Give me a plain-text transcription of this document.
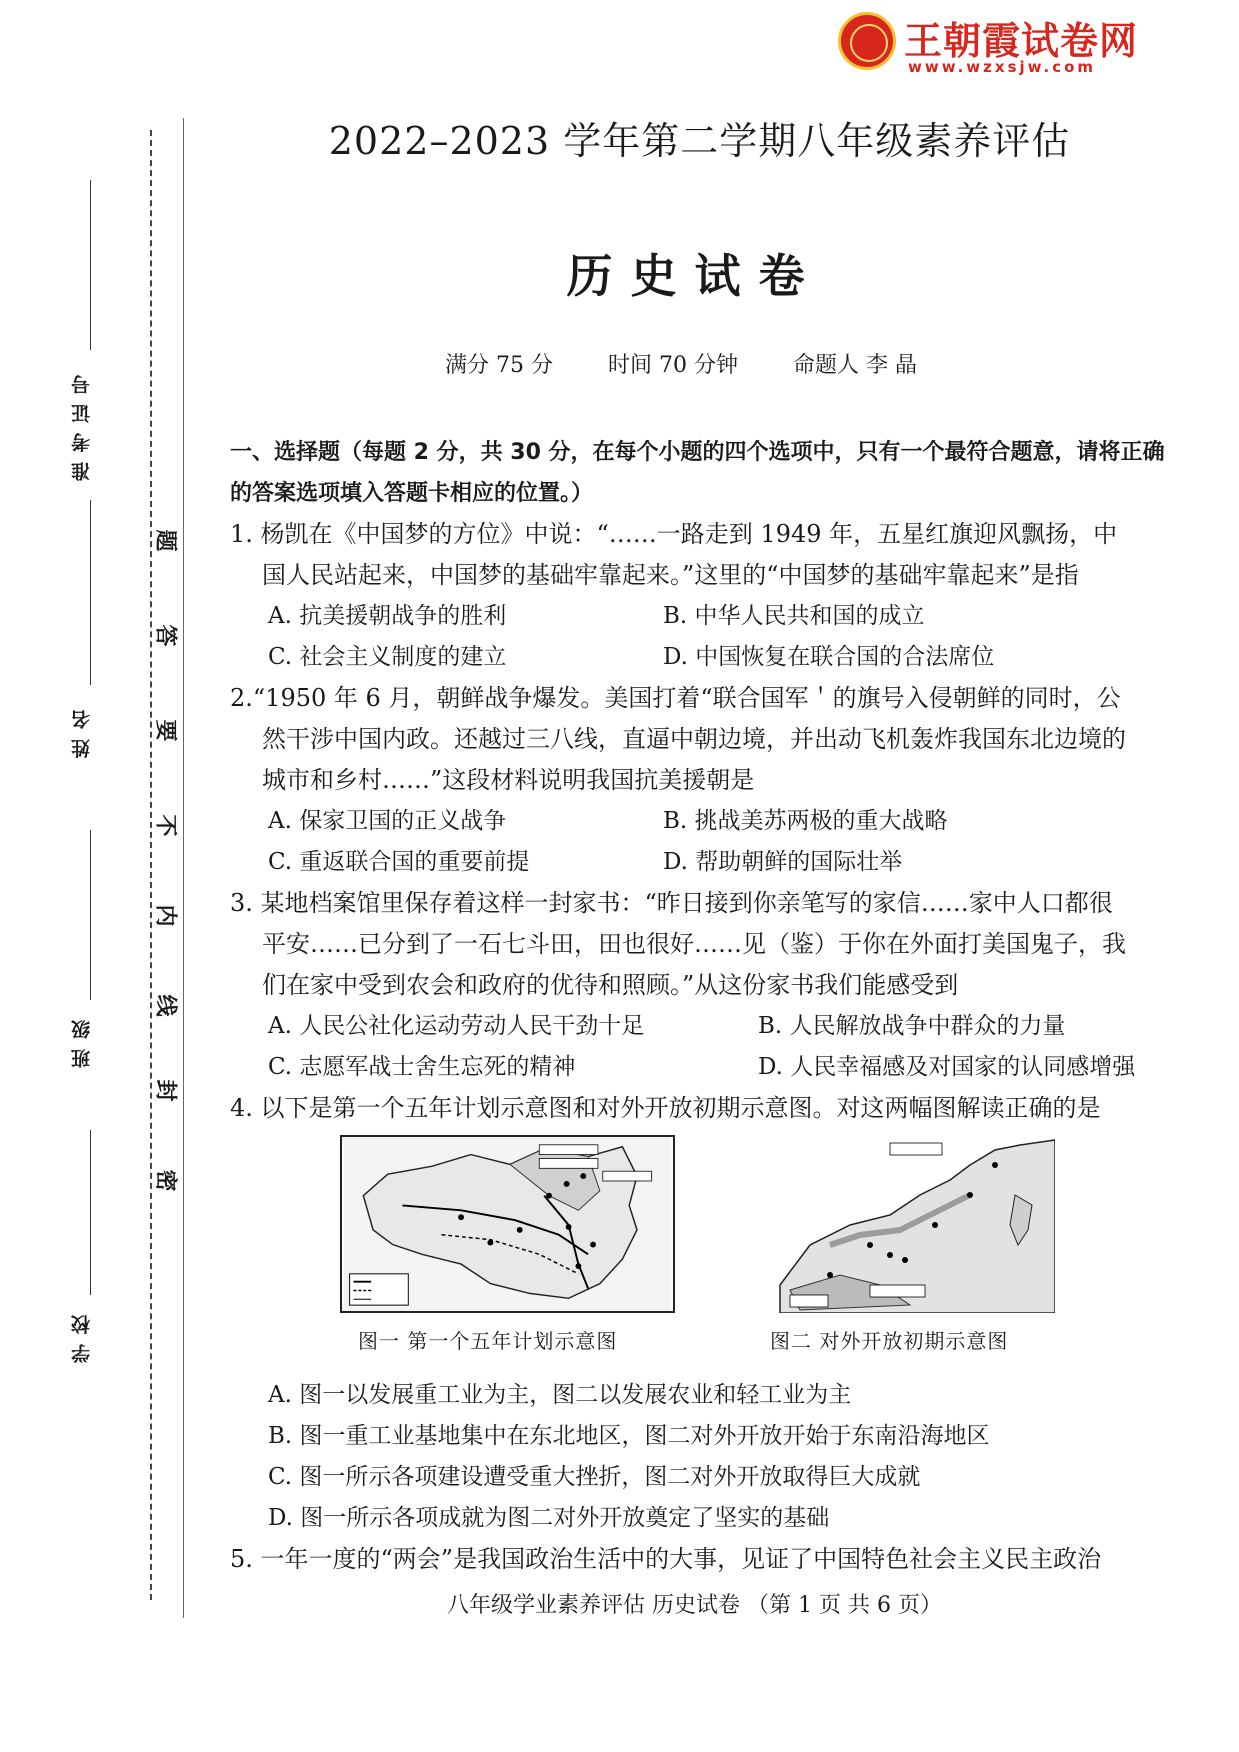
王朝霞试卷网
www.wzxsjw.com
准考证号
姓名
班级
学校
密
封
线
内
不
要
答
题
2022–2023 学年第二学期八年级素养评估
历史试卷
满分 75 分	时间 70 分钟	命题人 李 晶
一、选择题（每题 2 分，共 30 分，在每个小题的四个选项中，只有一个最符合题意，请将正确的答案选项填入答题卡相应的位置。）

1. 杨凯在《中国梦的方位》中说：“……一路走到 1949 年，五星红旗迎风飘扬，中

国人民站起来，中国梦的基础牢靠起来。”这里的“中国梦的基础牢靠起来”是指

A. 抗美援朝战争的胜利	B. 中华人民共和国的成立
C. 社会主义制度的建立	D. 中国恢复在联合国的合法席位

2.“1950 年 6 月，朝鲜战争爆发。美国打着“联合国军＇的旗号入侵朝鲜的同时，公

然干涉中国内政。还越过三八线，直逼中朝边境，并出动飞机轰炸我国东北边境的

城市和乡村……”这段材料说明我国抗美援朝是

A. 保家卫国的正义战争	B. 挑战美苏两极的重大战略
C. 重返联合国的重要前提	D. 帮助朝鲜的国际壮举

3. 某地档案馆里保存着这样一封家书：“昨日接到你亲笔写的家信……家中人口都很

平安……已分到了一石七斗田，田也很好……见（鉴）于你在外面打美国鬼子，我

们在家中受到农会和政府的优待和照顾。”从这份家书我们能感受到

A. 人民公社化运动劳动人民干劲十足	B. 人民解放战争中群众的力量
C. 志愿军战士舍生忘死的精神	D. 人民幸福感及对国家的认同感增强

4. 以下是第一个五年计划示意图和对外开放初期示意图。对这两幅图解读正确的是

图一 第一个五年计划示意图	图二 对外开放初期示意图
A. 图一以发展重工业为主，图二以发展农业和轻工业为主
B. 图一重工业基地集中在东北地区，图二对外开放开始于东南沿海地区
C. 图一所示各项建设遭受重大挫折，图二对外开放取得巨大成就
D. 图一所示各项成就为图二对外开放奠定了坚实的基础

5. 一年一度的“两会”是我国政治生活中的大事，见证了中国特色社会主义民主政治

八年级学业素养评估 历史试卷 （第 1 页 共 6 页）
